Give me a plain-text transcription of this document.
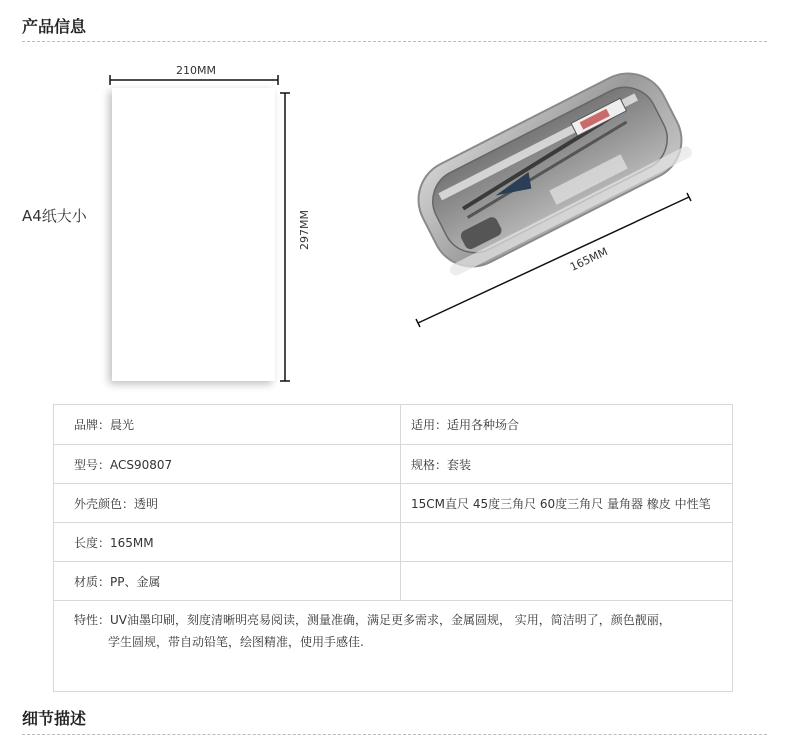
产品信息
A4纸大小
210MM
297MM
165MM
品牌：晨光	适用：适用各种场合
型号：ACS90807	规格：套装
外壳颜色：透明	15CM直尺 45度三角尺 60度三角尺 量角器 橡皮 中性笔
长度：165MM	
材质：PP、金属	

特性：UV油墨印刷，刻度清晰明亮易阅读，测量准确，满足更多需求，金属圆规， 实用，简洁明了，颜色靓丽，
学生圆规，带自动铅笔，绘图精准，使用手感佳.	
细节描述
